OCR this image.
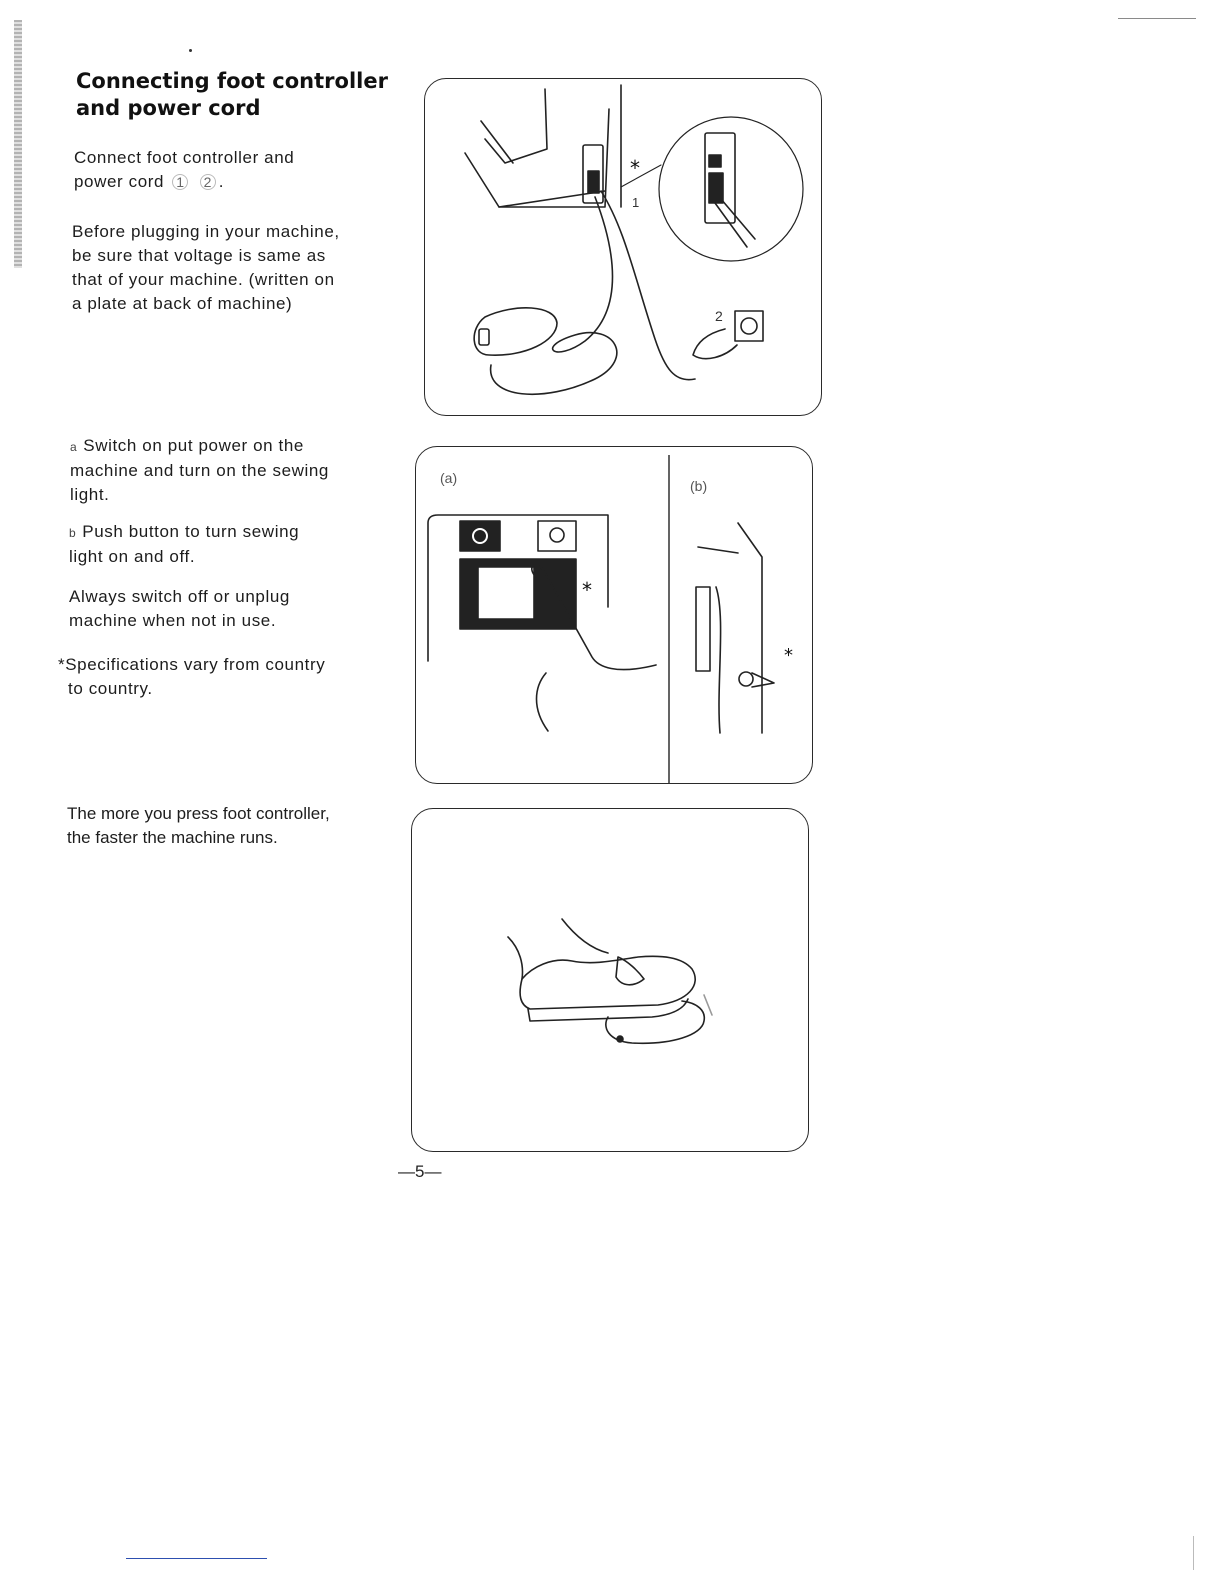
Connecting foot controller
and power cord

Connect foot controller and
power cord 1 2 .

Before plugging in your machine,
be sure that voltage is same as
that of your machine. (written on
a plate at back of machine)

a Switch on put power on the
machine and turn on the sewing
light.

b Push button to turn sewing
light on and off.

Always switch off or unplug
machine when not in use.

*Specifications vary from country
to country.

The more you press foot controller,
the faster the machine runs.

*
1
2
(a)	(b)
*
*
—5—
